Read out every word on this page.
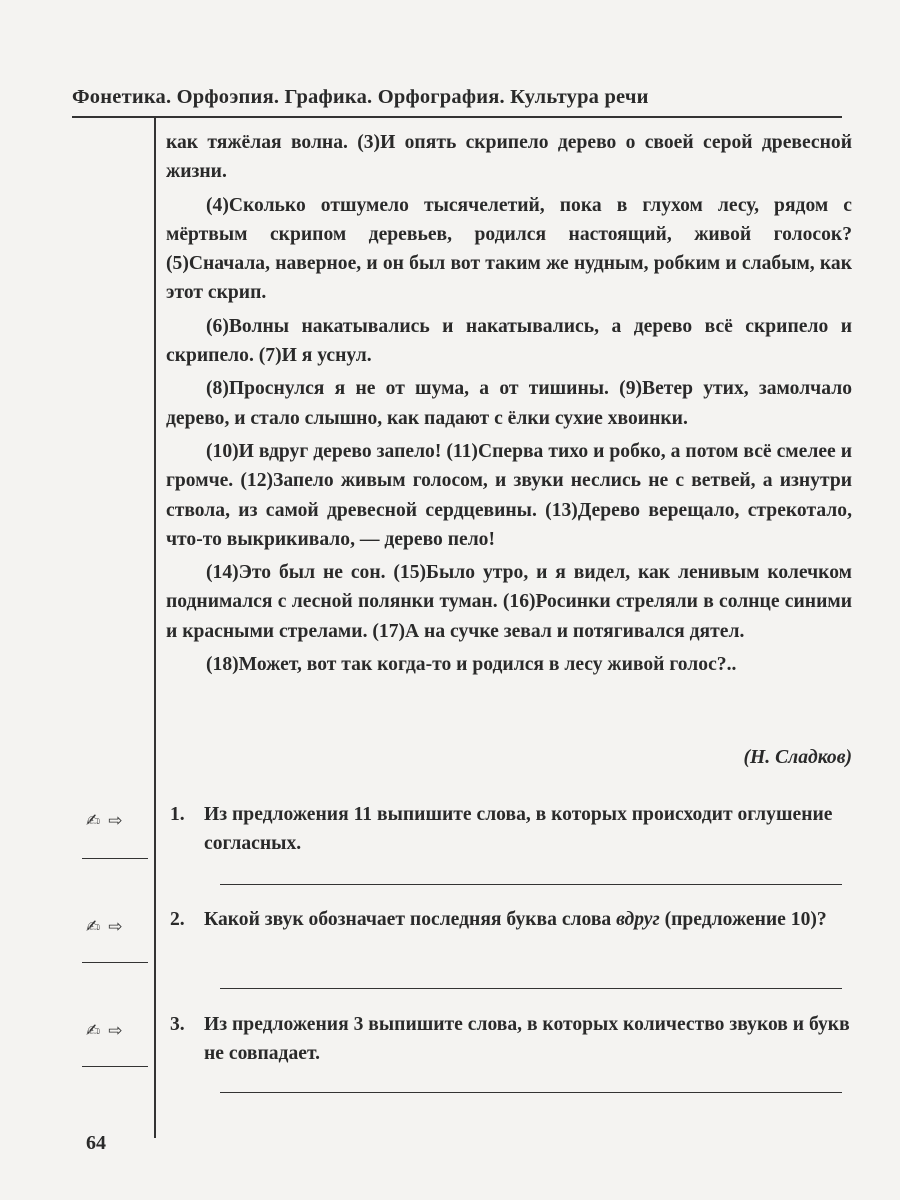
Фонетика. Орфоэпия. Графика. Орфография. Культура речи

как тяжёлая волна. (3)И опять скрипело дерево о своей серой древесной жизни.

(4)Сколько отшумело тысячелетий, пока в глухом лесу, рядом с мёртвым скрипом деревьев, родился настоящий, живой голосок? (5)Сначала, наверное, и он был вот таким же нудным, робким и слабым, как этот скрип.

(6)Волны накатывались и накатывались, а дерево всё скрипело и скрипело. (7)И я уснул.

(8)Проснулся я не от шума, а от тишины. (9)Ветер утих, замолчало дерево, и стало слышно, как падают с ёлки сухие хвоинки.

(10)И вдруг дерево запело! (11)Сперва тихо и робко, а потом всё смелее и громче. (12)Запело живым голосом, и звуки неслись не с ветвей, а изнутри ствола, из самой древесной сердцевины. (13)Дерево верещало, стрекотало, что-то выкрикивало, — дерево пело!

(14)Это был не сон. (15)Было утро, и я видел, как ленивым колечком поднимался с лесной полянки туман. (16)Росинки стреляли в солнце синими и красными стрелами. (17)А на сучке зевал и потягивался дятел.

(18)Может, вот так когда-то и родился в лесу живой голос?..

(Н. Сладков)
✍ ⇨ 1. Из предложения 11 выпишите слова, в которых происходит оглушение согласных.
✍ ⇨ 2. Какой звук обозначает последняя буква слова вдруг (предложение 10)?
✍ ⇨ 3. Из предложения 3 выпишите слова, в которых количество звуков и букв не совпадает.
64
